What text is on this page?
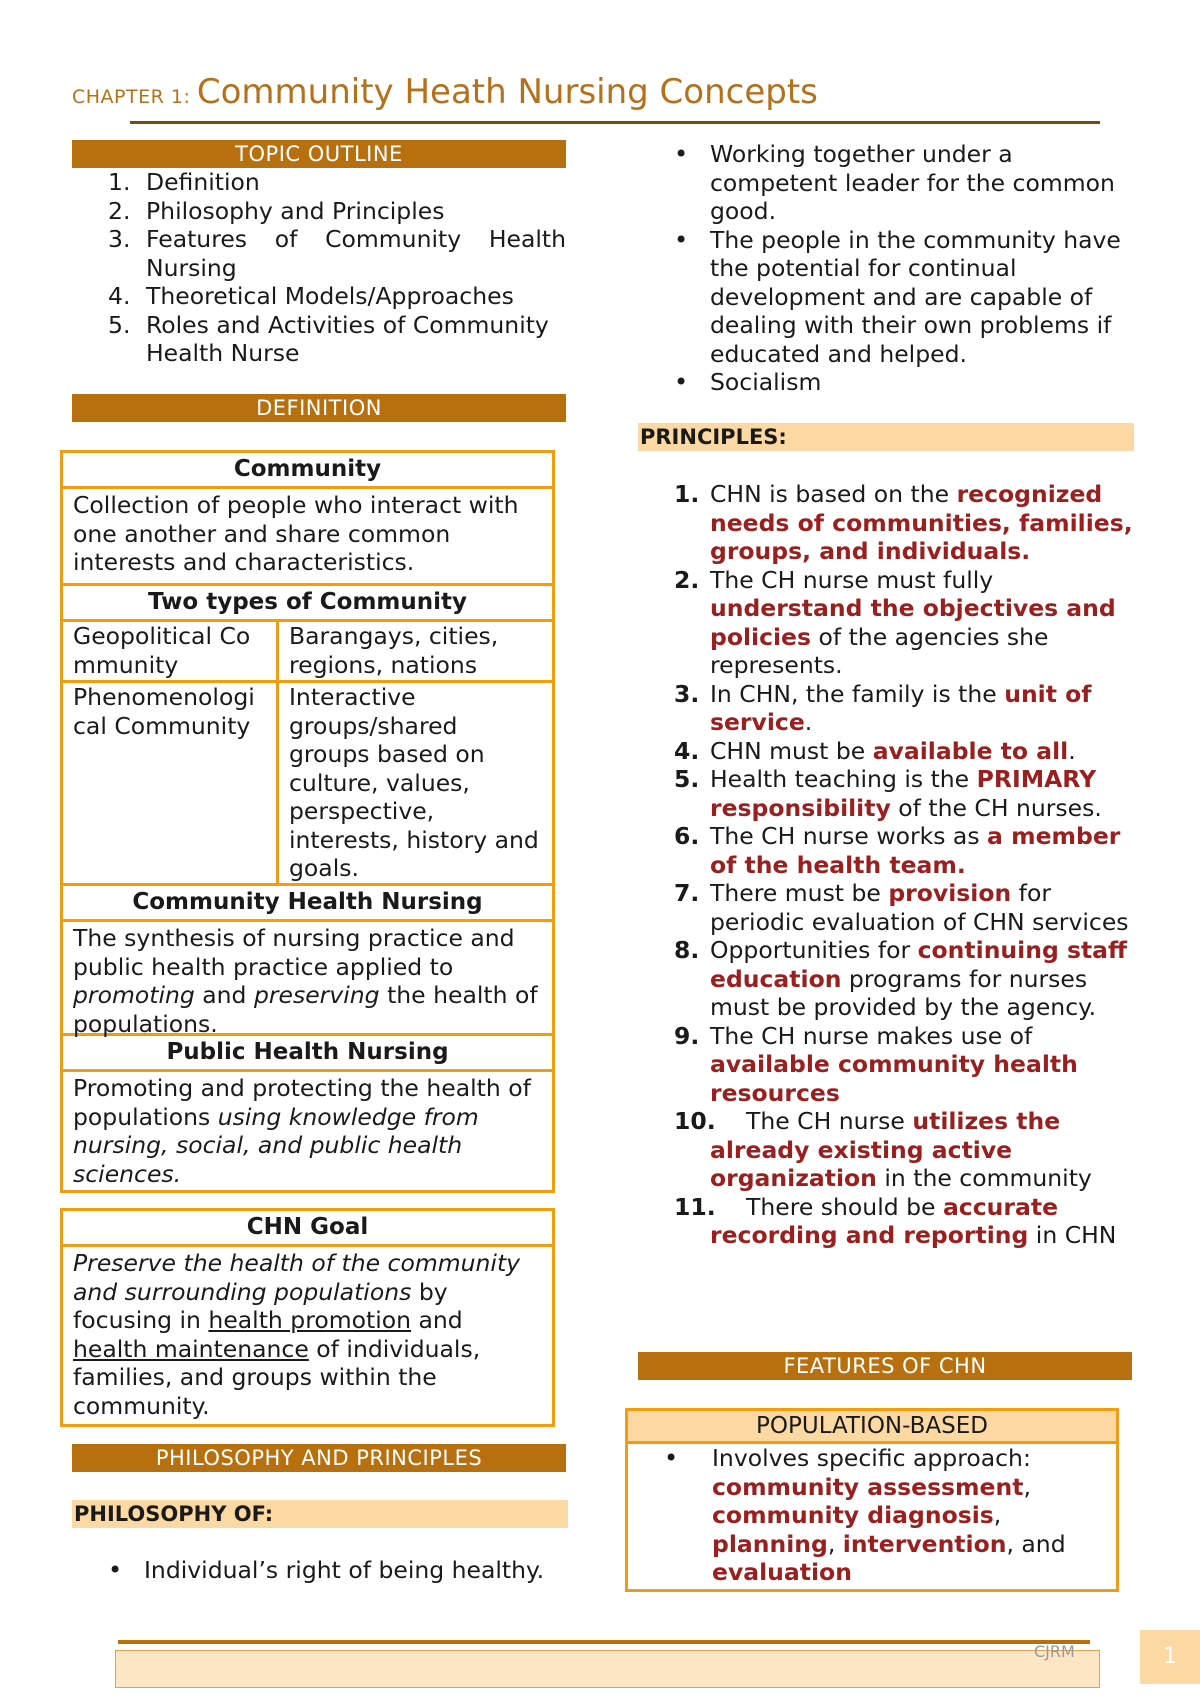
CHAPTER 1: Community Heath Nursing Concepts
TOPIC OUTLINE
1. Definition
2. Philosophy and Principles
3. Features of Community Health
Nursing
4. Theoretical Models/Approaches
5. Roles and Activities of Community
Health Nurse
DEFINITION
Community
Collection of people who interact with one another and share common interests and characteristics.
Two types of Community
Geopolitical Community
Barangays, cities, regions, nations
Phenomenological Community
Interactive groups/shared groups based on culture, values, perspective, interests, history and goals.
Community Health Nursing
The synthesis of nursing practice and public health practice applied to promoting and preserving the health of populations.
Public Health Nursing
Promoting and protecting the health of populations using knowledge from nursing, social, and public health sciences.
CHN Goal
Preserve the health of the community and surrounding populations by focusing in health promotion and health maintenance of individuals, families, and groups within the community.
PHILOSOPHY AND PRINCIPLES
PHILOSOPHY OF:
• Individual’s right of being healthy.
• Working together under a competent leader for the common good.
• The people in the community have the potential for continual development and are capable of dealing with their own problems if educated and helped.
• Socialism
PRINCIPLES:
1. CHN is based on the recognized needs of communities, families, groups, and individuals.
2. The CH nurse must fully understand the objectives and policies of the agencies she represents.
3. In CHN, the family is the unit of service.
4. CHN must be available to all.
5. Health teaching is the PRIMARY responsibility of the CH nurses.
6. The CH nurse works as a member of the health team.
7. There must be provision for periodic evaluation of CHN services
8. Opportunities for continuing staff education programs for nurses must be provided by the agency.
9. The CH nurse makes use of available community health resources
10. The CH nurse utilizes the already existing active organization in the community
11. There should be accurate recording and reporting in CHN
FEATURES OF CHN
POPULATION-BASED
• Involves specific approach: community assessment, community diagnosis, planning, intervention, and evaluation
CJRM	1
